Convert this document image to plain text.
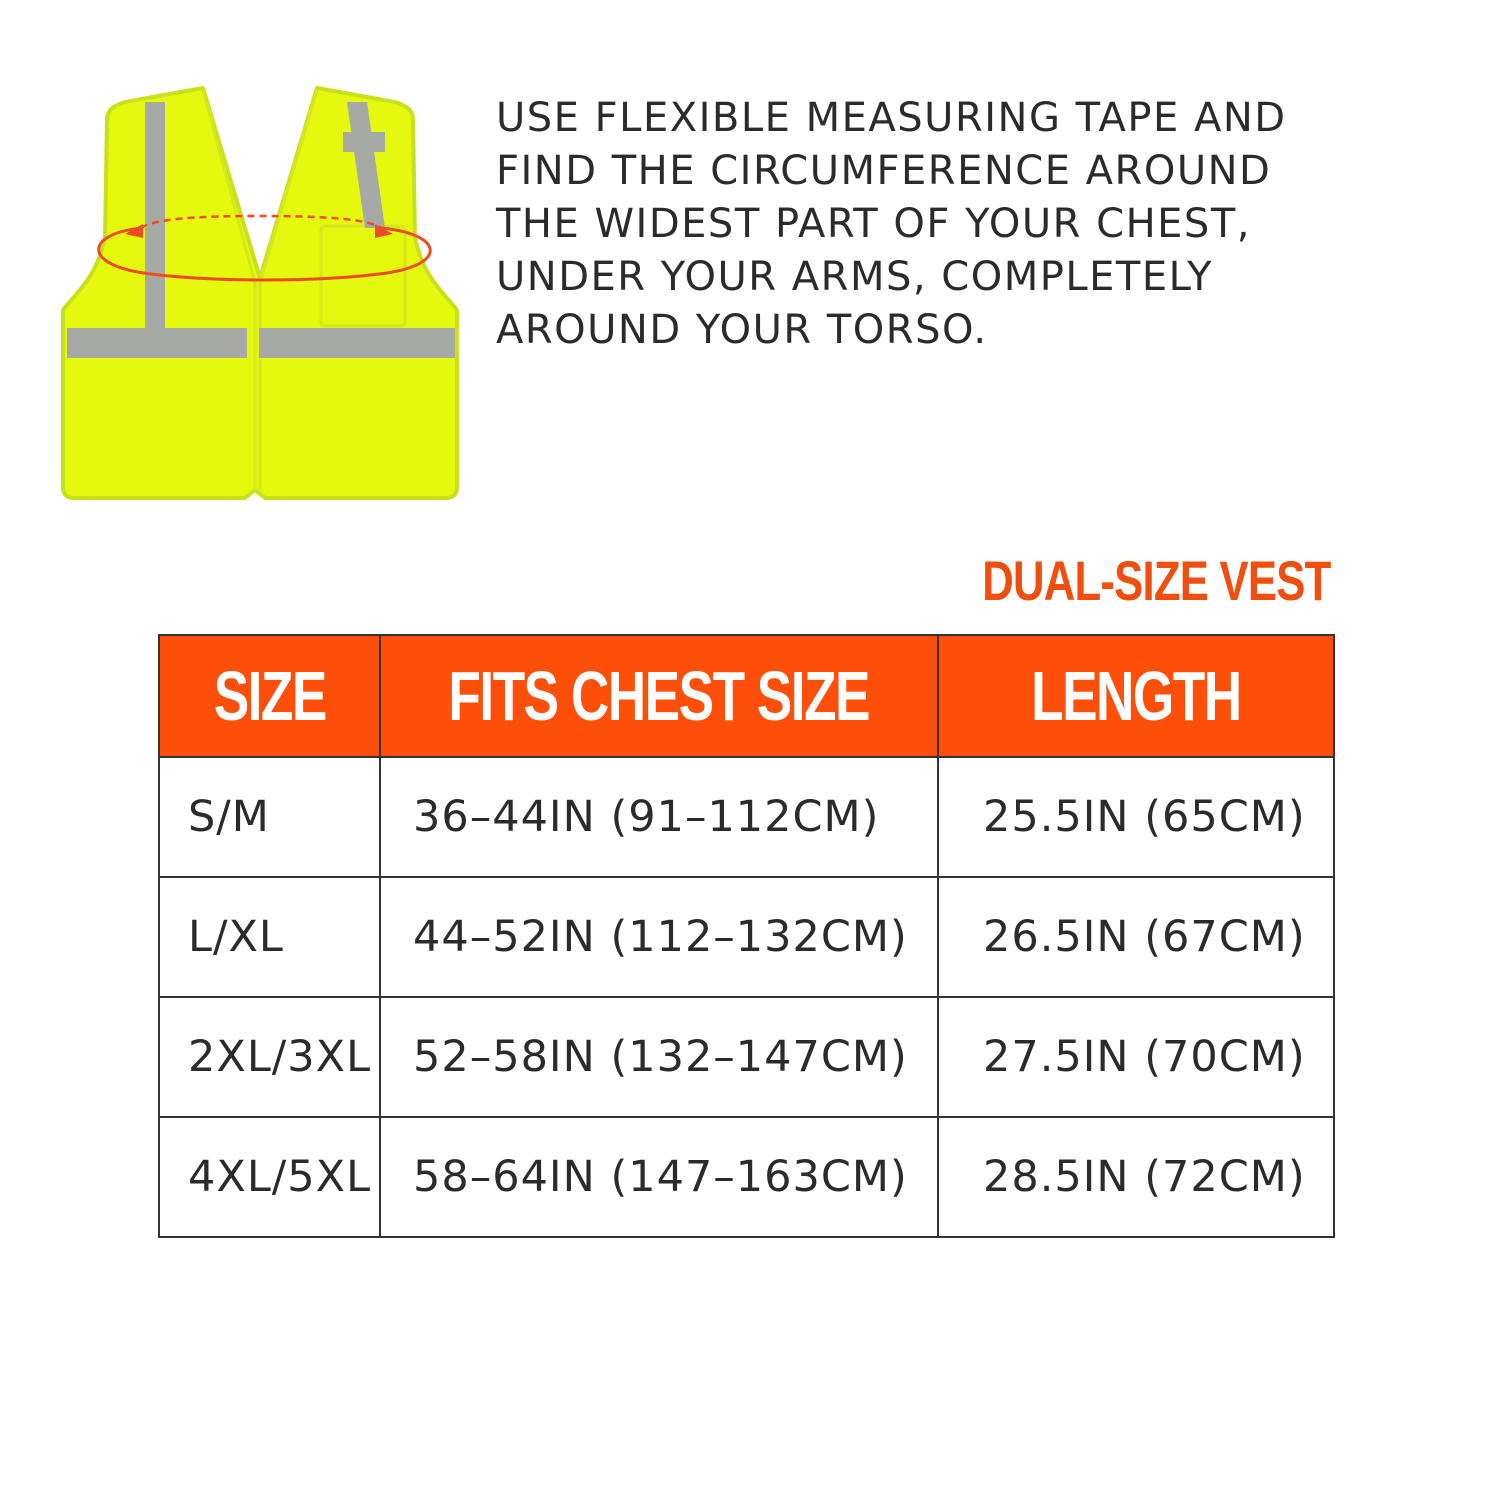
USE FLEXIBLE MEASURING TAPE AND
FIND THE CIRCUMFERENCE AROUND
THE WIDEST PART OF YOUR CHEST,
UNDER YOUR ARMS, COMPLETELY
AROUND YOUR TORSO.
DUAL-SIZE VEST
SIZE	FITS CHEST SIZE	LENGTH
S/M	36–44IN (91–112CM)	25.5IN (65CM)
L/XL	44–52IN (112–132CM)	26.5IN (67CM)
2XL/3XL	52–58IN (132–147CM)	27.5IN (70CM)
4XL/5XL	58–64IN (147–163CM)	28.5IN (72CM)
